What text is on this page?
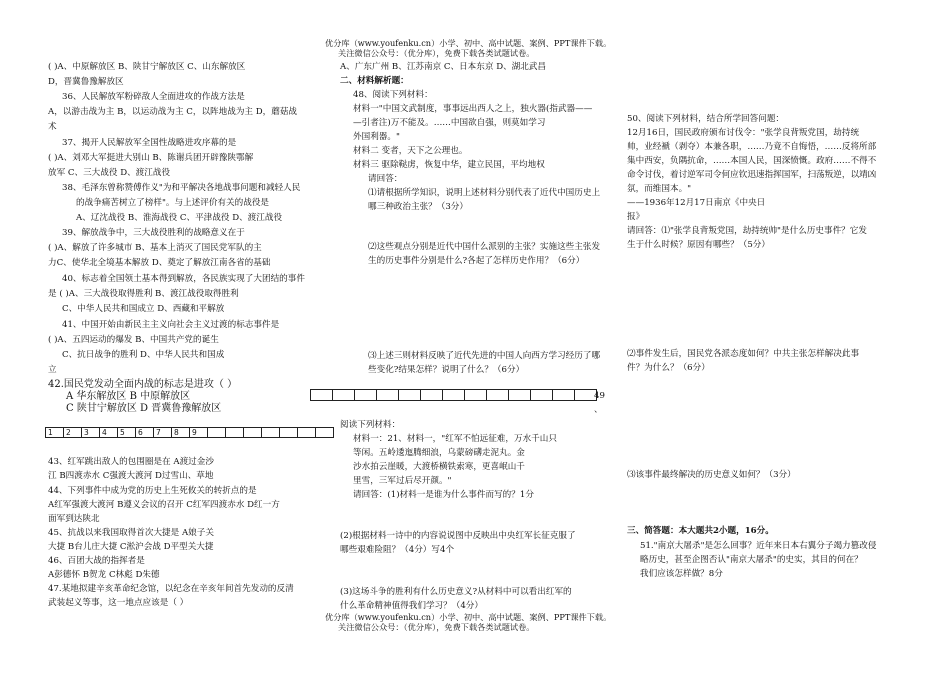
优分库（www.youfenku.cn）小学、初中、高中试题、案例、PPT课件下载。
关注微信公众号：（优分库），免费下载各类试题试卷。
( )A、中原解放区 B、陕甘宁解放区 C、山东解放区
D，晋冀鲁豫解放区
36、人民解放军粉碎敌人全面进攻的作战方法是
A，以游击战为主 B，以运动战为主 C，以阵地战为主 D，蘑菇战
术
37、揭开人民解放军全国性战略进攻序幕的是
( )A、刘邓大军挺进大别山 B、陈谢兵团开辟豫陕鄂解
放军 C、三大战役 D、渡江战役
38、毛泽东曾称赞傅作义"为和平解决各地战事问题和减轻人民
的战争痛苦树立了榜样"。与上述评价有关的战役是
A、辽沈战役 B、淮海战役 C、平津战役 D、渡江战役
39、解放战争中，三大战役胜利的战略意义在于
( )A、解放了许多城市 B、基本上消灭了国民党军队的主
力C、使华北全境基本解放 D、奠定了解放江南各省的基础
40、标志着全国领土基本得到解放，各民族实现了大团结的事件
是 ( )A、三大战役取得胜利 B、渡江战役取得胜利
C、中华人民共和国成立 D、西藏和平解放
41、中国开始由新民主主义向社会主义过渡的标志事件是
( )A、五四运动的爆发 B、中国共产党的诞生
C、抗日战争的胜利 D、中华人民共和国成
立
42.国民党发动全面内战的标志是进攻（ ）
A 华东解放区 B 中原解放区
C 陕甘宁解放区 D 晋冀鲁豫解放区
1	2	3	4	5	6	7	8	9							
43、红军跳出敌人的包围圈是在 A渡过金沙
江 B四渡赤水 C强渡大渡河 D过雪山、草地
44、下列事件中成为党的历史上生死攸关的转折点的是
A红军强渡大渡河 B遵义会议的召开 C红军四渡赤水 D红一方
面军到达陕北
45、抗战以来我国取得首次大捷是 A娘子关
大捷 B台儿庄大捷 C淞沪会战 D平型关大捷
46、百团大战的指挥者是
A彭德怀 B贺龙 C林彪 D朱德
47.某地拟建辛亥革命纪念馆，以纪念在辛亥年间首先发动的反清
武装起义等事，这一地点应该是（ ）
A、广东广州 B、江苏南京 C、日本东京 D、湖北武昌
二、材料解析题：
48、阅读下列材料：
材料一"中国文武制度，事事远出西人之上，独火器(指武器——
—引者注)万不能及。……中国欲自强，则莫如学习
外国利器。"
材料二 变者，天下之公理也。
材料三 驱除鞑虏，恢复中华，建立民国，平均地权
请回答：
⑴请根据所学知识，说明上述材料分别代表了近代中国历史上
哪三种政治主张？（3分）
⑵这些观点分别是近代中国什么派别的主张？实施这些主张发
生的历史事件分别是什么?各起了怎样历史作用？（6分）
⑶上述三则材料反映了近代先进的中国人向西方学习经历了哪
些变化?结果怎样？说明了什么？（6分）

49
、
阅读下列材料：
材料一：21、材料一，"红军不怕远征难，万水千山只
等闲。五岭逶迤腾细浪，乌蒙磅礴走泥丸。金
沙水拍云崖暖，大渡桥横铁索寒，更喜岷山千
里雪，三军过后尽开颜。"
请回答：(1)材料一是谁为什么事件而写的？1分
(2)根据材料一诗中的内容说说图中反映出中央红军长征克服了
哪些艰难险阻？（4分）写4个
(3)这场斗争的胜利有什么历史意义?从材料中可以看出红军的
什么革命精神值得我们学习？（4分）
50、阅读下列材料，结合所学回答问题：
12月16日，国民政府颁布讨伐令："张学良背叛党国，劫持统
帅，业经褫（剥夺）本兼各职，……乃竟不自悔悟，……反将所部
集中西安，负隅抗命，……本国人民，国深愤慨。政府……不得不
命令讨伐，着讨逆军司令何应钦迅速指挥国军，扫荡叛逆，以靖凶
氛，而维国本。"
——1936年12月17日南京《中央日
报》
请回答：⑴"张学良背叛党国，劫持统帅"是什么历史事件？它发
生于什么时候？原因有哪些？（5分）
⑵事件发生后，国民党各派态度如何？中共主张怎样解决此事
件？为什么？（6分）
⑶该事件最终解决的历史意义如何？（3分）
三、简答题：本大题共2小题，16分。
51."南京大屠杀"是怎么回事？近年来日本右翼分子竭力篡改侵
略历史，甚至企图否认"南京大屠杀"的史实，其目的何在？
我们应该怎样做？8分
优分库（www.youfenku.cn）小学、初中、高中试题、案例、PPT课件下载。
关注微信公众号：（优分库），免费下载各类试题试卷。
